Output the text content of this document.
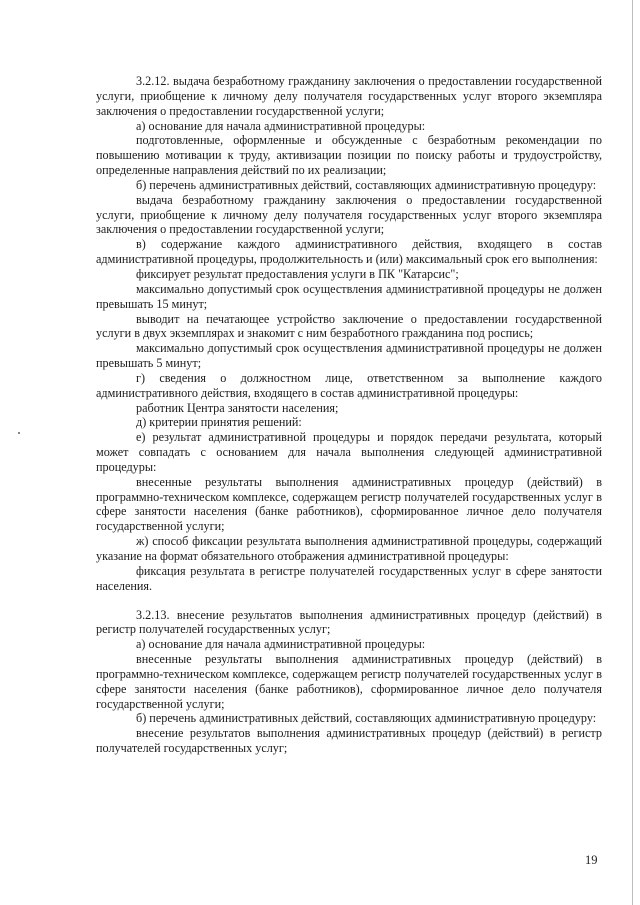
3.2.12. выдача безработному гражданину заключения о предоставлении государственной услуги, приобщение к личному делу получателя государственных услуг второго экземпляра заключения о предоставлении государственной услуги;

а) основание для начала административной процедуры:

подготовленные, оформленные и обсужденные с безработным рекомендации по повышению мотивации к труду, активизации позиции по поиску работы и трудоустройству, определенные направления действий по их реализации;

б) перечень административных действий, составляющих административную процедуру:

выдача безработному гражданину заключения о предоставлении государственной услуги, приобщение к личному делу получателя государственных услуг второго экземпляра заключения о предоставлении государственной услуги;

в) содержание каждого административного действия, входящего в состав административной процедуры, продолжительность и (или) максимальный срок его выполнения:

фиксирует результат предоставления услуги в ПК "Катарсис";

максимально допустимый срок осуществления административной процедуры не должен превышать 15 минут;

выводит на печатающее устройство заключение о предоставлении государственной услуги в двух экземплярах и знакомит с ним безработного гражданина под роспись;

максимально допустимый срок осуществления административной процедуры не должен превышать 5 минут;

г) сведения о должностном лице, ответственном за выполнение каждого административного действия, входящего в состав административной процедуры:

работник Центра занятости населения;

д) критерии принятия решений:

е) результат административной процедуры и порядок передачи результата, который может совпадать с основанием для начала выполнения следующей административной процедуры:

внесенные результаты выполнения административных процедур (действий) в программно-техническом комплексе, содержащем регистр получателей государственных услуг в сфере занятости населения (банке работников), сформированное личное дело получателя государственной услуги;

ж) способ фиксации результата выполнения административной процедуры, содержащий указание на формат обязательного отображения административной процедуры:

фиксация результата в регистре получателей государственных услуг в сфере занятости населения.

3.2.13. внесение результатов выполнения административных процедур (действий) в регистр получателей государственных услуг;

а) основание для начала административной процедуры:

внесенные результаты выполнения административных процедур (действий) в программно-техническом комплексе, содержащем регистр получателей государственных услуг в сфере занятости населения (банке работников), сформированное личное дело получателя государственной услуги;

б) перечень административных действий, составляющих административную процедуру:

внесение результатов выполнения административных процедур (действий) в регистр получателей государственных услуг;

19
